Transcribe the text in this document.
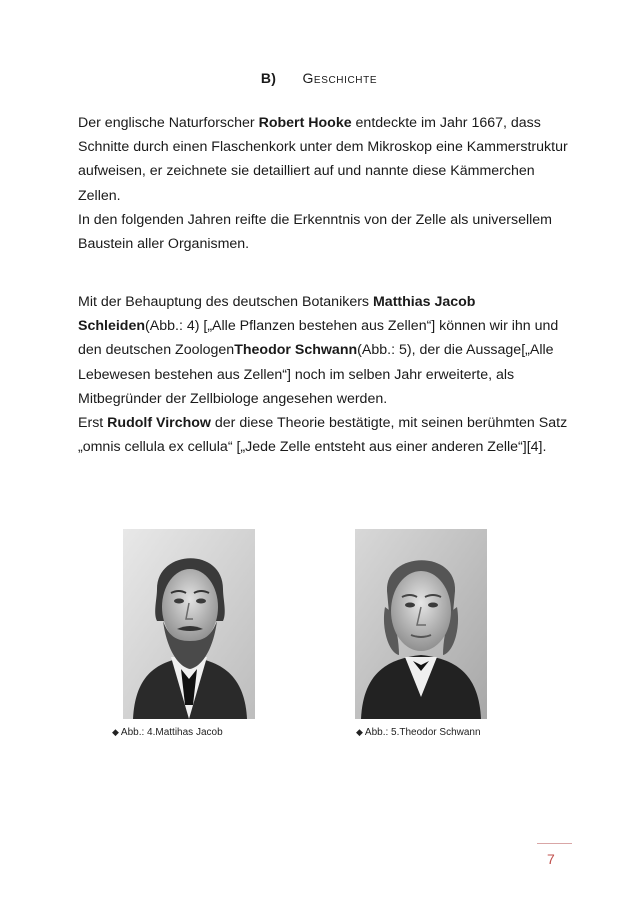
B) Geschichte

Der englische Naturforscher Robert Hooke entdeckte im Jahr 1667, dass Schnitte durch einen Flaschenkork unter dem Mikroskop eine Kammerstruktur aufweisen, er zeichnete sie detailliert auf und nannte diese Kämmerchen Zellen.

In den folgenden Jahren reifte die Erkenntnis von der Zelle als universellem Baustein aller Organismen.

Mit der Behauptung des deutschen Botanikers Matthias Jacob Schleiden(Abb.: 4) [„Alle Pflanzen bestehen aus Zellen“] können wir ihn und den deutschen ZoologenTheodor Schwann(Abb.: 5), der die Aussage[„Alle Lebewesen bestehen aus Zellen“] noch im selben Jahr erweiterte, als Mitbegründer der Zellbiologe angesehen werden.

Erst Rudolf Virchow der diese Theorie bestätigte, mit seinen berühmten Satz „omnis cellula ex cellula“ [„Jede Zelle entsteht aus einer anderen Zelle“][4].

◆ Abb.: 4.Mattihas Jacob	◆ Abb.: 5.Theodor Schwann
7
